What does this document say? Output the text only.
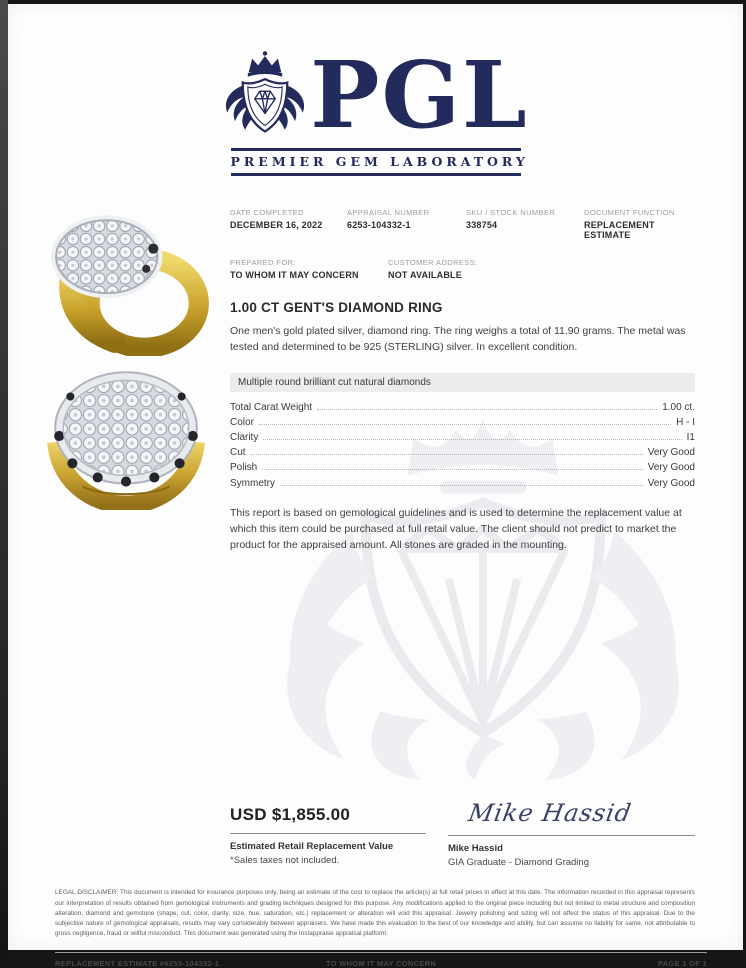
PGL
PREMIER GEM LABORATORY
DATE COMPLETED
DECEMBER 16, 2022
APPRAISAL NUMBER
6253-104332-1
SKU / STOCK NUMBER
338754
DOCUMENT FUNCTION
REPLACEMENT ESTIMATE
PREPARED FOR:
TO WHOM IT MAY CONCERN
CUSTOMER ADDRESS:
NOT AVAILABLE
1.00 CT GENT'S DIAMOND RING
One men's gold plated silver, diamond ring. The ring weighs a total of 11.90 grams. The metal was tested and determined to be 925 (STERLING) silver. In excellent condition.
Multiple round brilliant cut natural diamonds
Total Carat Weight	1.00 ct.
Color	H - I
Clarity	I1
Cut	Very Good
Polish	Very Good
Symmetry	Very Good
This report is based on gemological guidelines and is used to determine the replacement value at which this item could be purchased at full retail value. The client should not predict to market the product for the appraised amount. All stones are graded in the mounting.
USD $1,855.00
Estimated Retail Replacement Value
*Sales taxes not included.
Mike Hassid
Mike Hassid
GIA Graduate - Diamond Grading
LEGAL DISCLAIMER: This document is intended for insurance purposes only, being an estimate of the cost to replace the article(s) at full retail prices in effect at this date. The information recorded in this appraisal represents our interpretation of results obtained from gemological instruments and grading techniques designed for this purpose. Any modifications applied to the original piece including but not limited to metal structure and composition alteration, diamond and gemstone (shape, cut, color, clarity, size, hue, saturation, etc.) replacement or alteration will void this appraisal. Jewelry polishing and sizing will not affect the status of this appraisal. Due to the subjective nature of gemological appraisals, results may vary considerably between appraisers. We have made this evaluation to the best of our knowledge and ability, but can assume no liability for same, not attributable to gross negligence, fraud or willful misconduct. This document was generated using the Instappraise appraisal platform.
REPLACEMENT ESTIMATE #6253-104332-1	TO WHOM IT MAY CONCERN	PAGE 1 OF 1
